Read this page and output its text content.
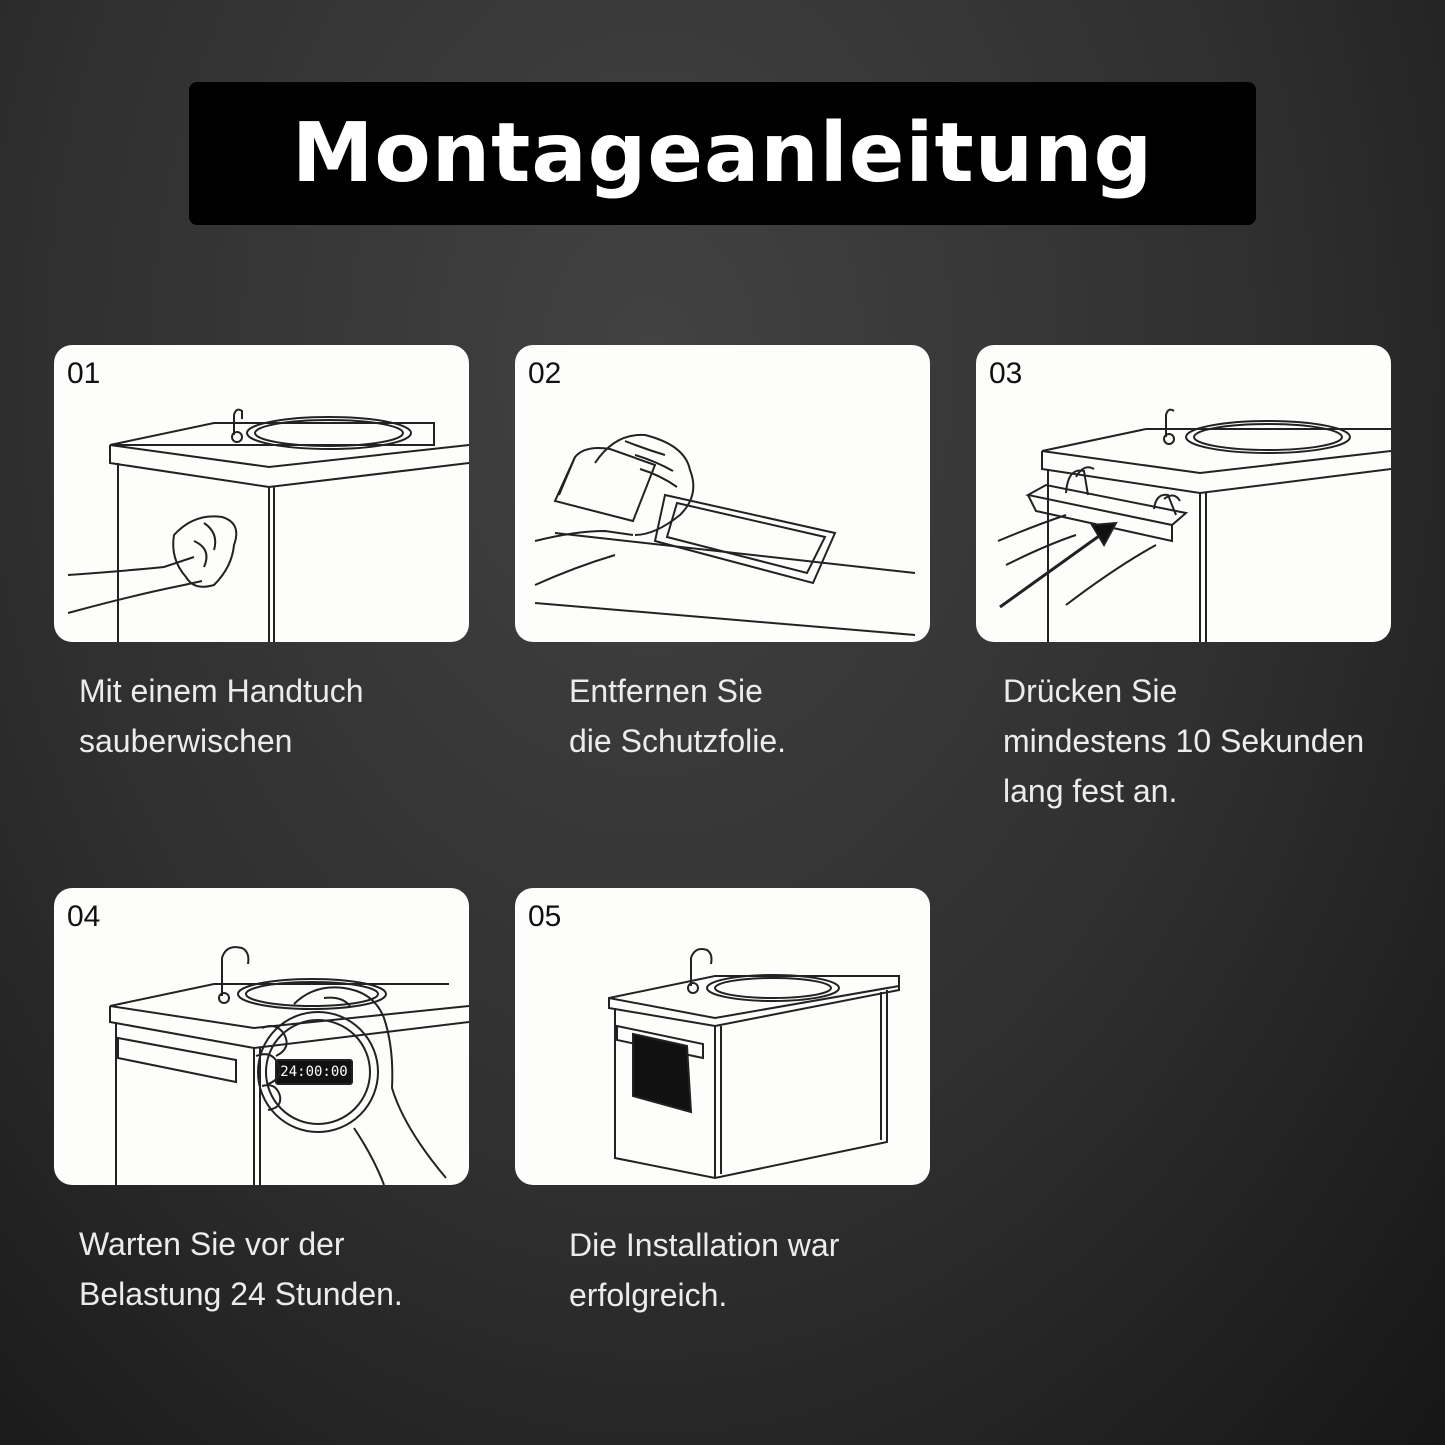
Montageanleitung
01
Mit einem Handtuch
sauberwischen
02
Entfernen Sie
die Schutzfolie.
03
Drücken Sie
mindestens 10 Sekunden
lang fest an.
04
24:00:00
Warten Sie vor der
Belastung 24 Stunden.
05
Die Installation war
erfolgreich.
